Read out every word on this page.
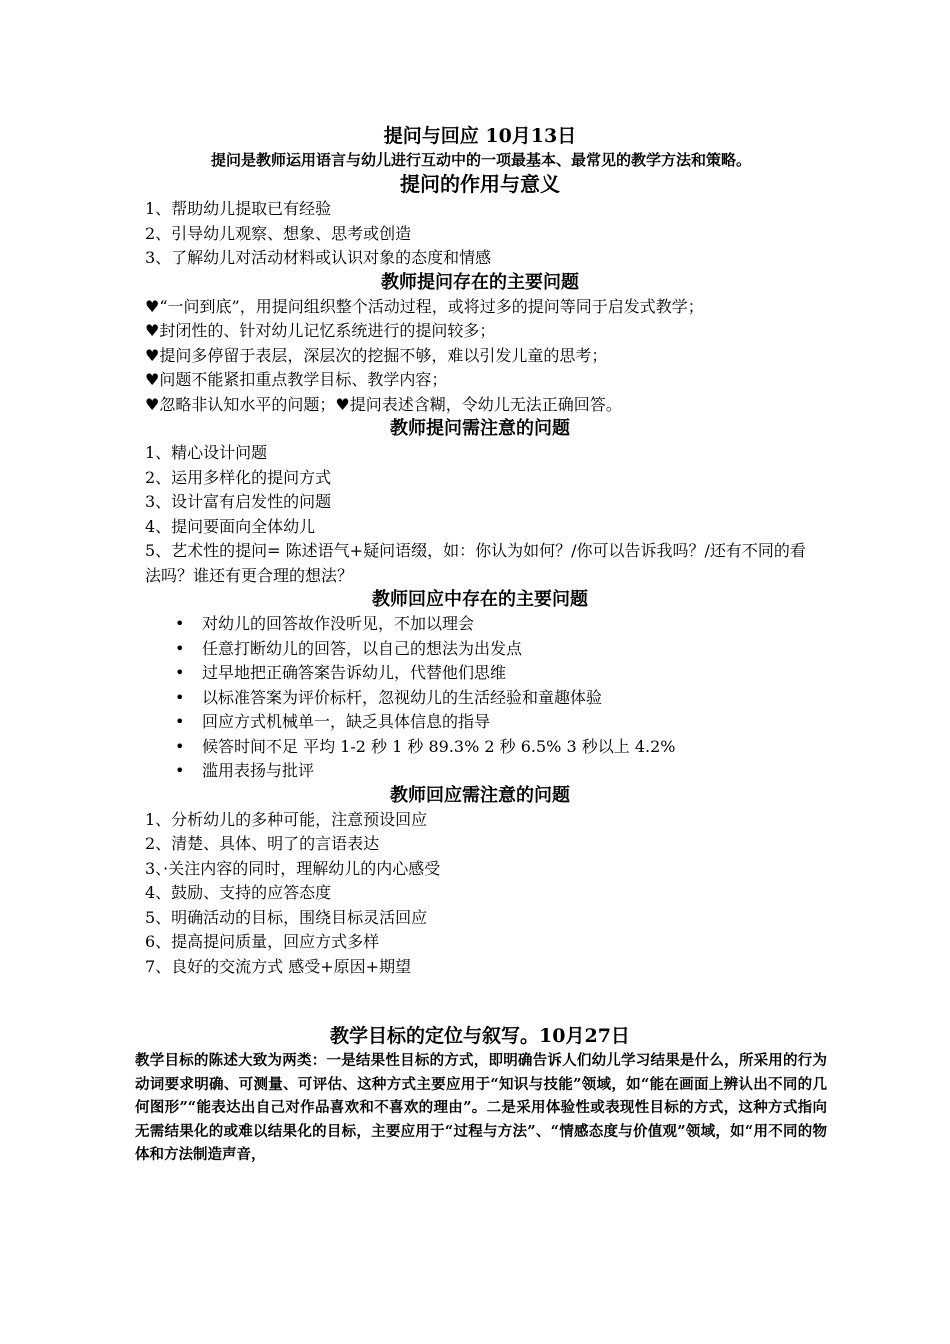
提问与回应 10月13日
提问是教师运用语言与幼儿进行互动中的一项最基本、最常见的教学方法和策略。
提问的作用与意义
1、帮助幼儿提取已有经验
2、引导幼儿观察、想象、思考或创造
3、了解幼儿对活动材料或认识对象的态度和情感
教师提问存在的主要问题
♥“一问到底”，用提问组织整个活动过程，或将过多的提问等同于启发式教学；
♥封闭性的、针对幼儿记忆系统进行的提问较多；
♥提问多停留于表层，深层次的挖掘不够，难以引发儿童的思考；
♥问题不能紧扣重点教学目标、教学内容；
♥忽略非认知水平的问题；♥提问表述含糊，令幼儿无法正确回答。
教师提问需注意的问题
1、精心设计问题
2、运用多样化的提问方式
3、设计富有启发性的问题
4、提问要面向全体幼儿
5、艺术性的提问= 陈述语气+疑问语缀，如：你认为如何？/你可以告诉我吗？/还有不同的看法吗？谁还有更合理的想法？
教师回应中存在的主要问题
• 对幼儿的回答故作没听见，不加以理会
• 任意打断幼儿的回答，以自己的想法为出发点
• 过早地把正确答案告诉幼儿，代替他们思维
• 以标准答案为评价标杆，忽视幼儿的生活经验和童趣体验
• 回应方式机械单一，缺乏具体信息的指导
• 候答时间不足 平均 1-2 秒 1 秒 89.3% 2 秒 6.5% 3 秒以上 4.2%
• 滥用表扬与批评
教师回应需注意的问题
1、分析幼儿的多种可能，注意预设回应
2、清楚、具体、明了的言语表达
3、·关注内容的同时，理解幼儿的内心感受
4、鼓励、支持的应答态度
5、明确活动的目标，围绕目标灵活回应
6、提高提问质量，回应方式多样
7、良好的交流方式 感受+原因+期望
教学目标的定位与叙写。10月27日
教学目标的陈述大致为两类：一是结果性目标的方式，即明确告诉人们幼儿学习结果是什么，所采用的行为动词要求明确、可测量、可评估、这种方式主要应用于“知识与技能”领域，如“能在画面上辨认出不同的几何图形”“能表达出自己对作品喜欢和不喜欢的理由”。二是采用体验性或表现性目标的方式，这种方式指向无需结果化的或难以结果化的目标，主要应用于“过程与方法”、“情感态度与价值观”领域，如“用不同的物体和方法制造声音，
